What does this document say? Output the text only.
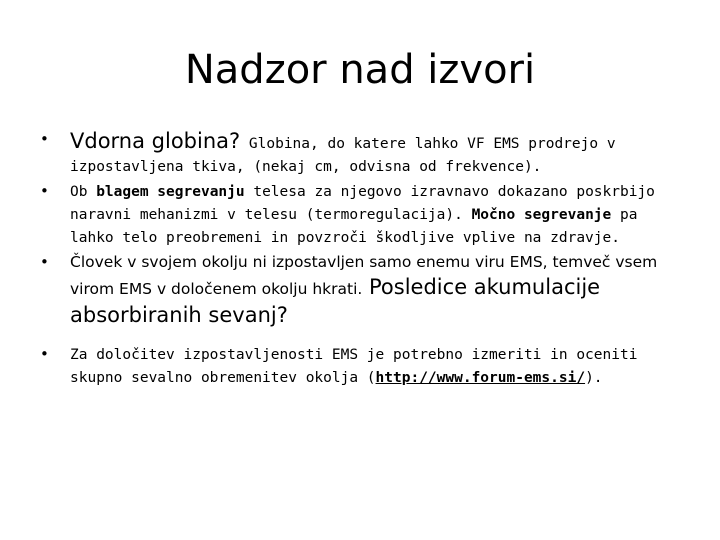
Nadzor nad izvori
• Vdorna globina? Globina, do katere lahko VF EMS prodrejo v izpostavljena tkiva, (nekaj cm, odvisna od frekvence).
• Ob blagem segrevanju telesa za njegovo izravnavo dokazano poskrbijo naravni mehanizmi v telesu (termoregulacija). Močno segrevanje pa lahko telo preobremeni in povzroči škodljive vplive na zdravje.
• Človek v svojem okolju ni izpostavljen samo enemu viru EMS, temveč vsem virom EMS v določenem okolju hkrati. Posledice akumulacije absorbiranih sevanj?
• Za določitev izpostavljenosti EMS je potrebno izmeriti in oceniti skupno sevalno obremenitev okolja (http://www.forum-ems.si/).
